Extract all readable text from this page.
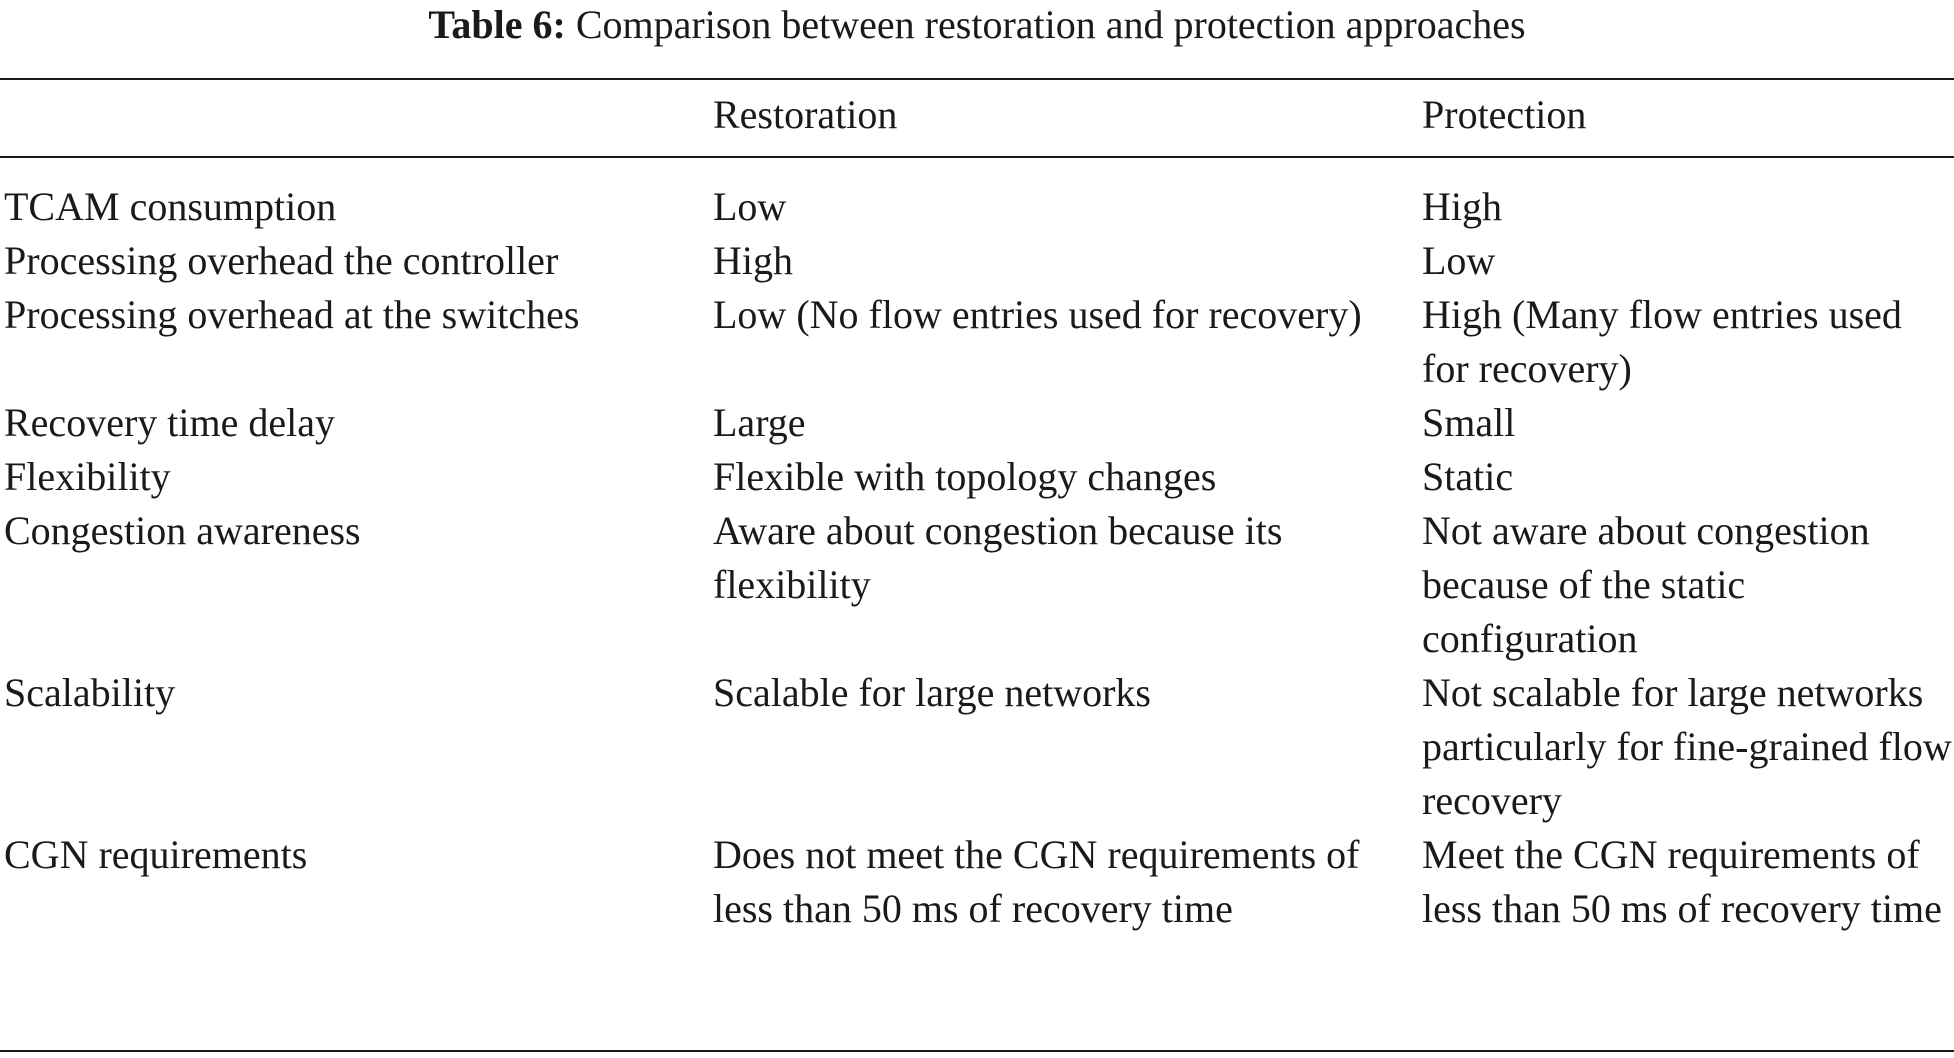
Table 6: Comparison between restoration and protection approaches
	Restoration	Protection

TCAM consumption	Low	High
Processing overhead the controller	High	Low
Processing overhead at the switches	Low (No flow entries used for recovery)	High (Many flow entries used for recovery)
Recovery time delay	Large	Small
Flexibility	Flexible with topology changes	Static
Congestion awareness	Aware about congestion because its flexibility	Not aware about congestion because of the static configuration
Scalability	Scalable for large networks	Not scalable for large networks particularly for fine-grained flow recovery
CGN requirements	Does not meet the CGN requirements of less than 50 ms of recovery time	Meet the CGN requirements of less than 50 ms of recovery time
